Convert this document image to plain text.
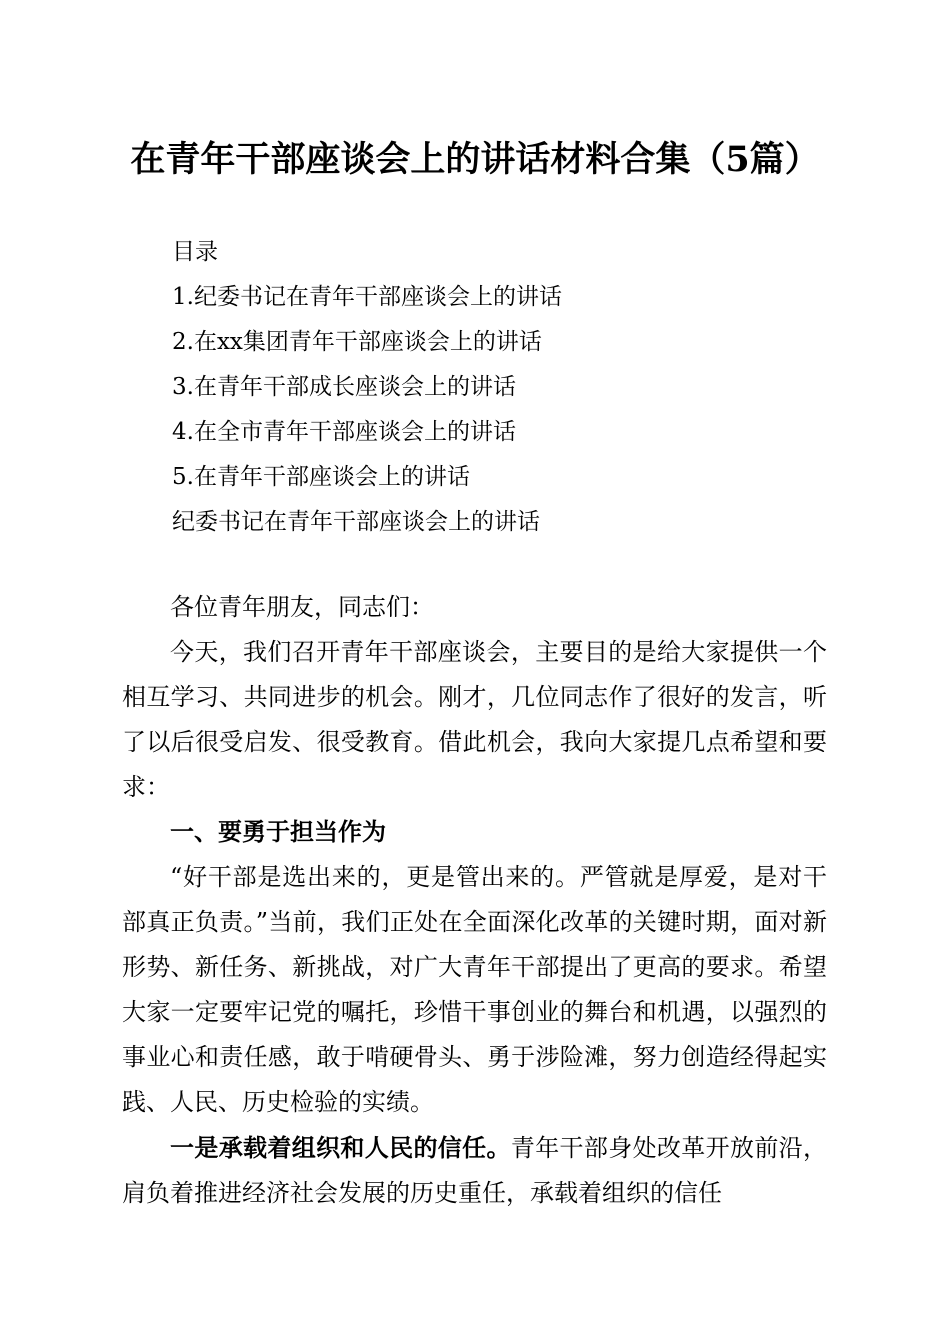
在青年干部座谈会上的讲话材料合集（5篇）
目录
1.纪委书记在青年干部座谈会上的讲话
2.在xx集团青年干部座谈会上的讲话
3.在青年干部成长座谈会上的讲话
4.在全市青年干部座谈会上的讲话
5.在青年干部座谈会上的讲话
纪委书记在青年干部座谈会上的讲话

各位青年朋友，同志们：

今天，我们召开青年干部座谈会，主要目的是给大家提供一个相互学习、共同进步的机会。刚才，几位同志作了很好的发言，听了以后很受启发、很受教育。借此机会，我向大家提几点希望和要求：

一、要勇于担当作为

“好干部是选出来的，更是管出来的。严管就是厚爱，是对干部真正负责。”当前，我们正处在全面深化改革的关键时期，面对新形势、新任务、新挑战，对广大青年干部提出了更高的要求。希望大家一定要牢记党的嘱托，珍惜干事创业的舞台和机遇，以强烈的事业心和责任感，敢于啃硬骨头、勇于涉险滩，努力创造经得起实践、人民、历史检验的实绩。

一是承载着组织和人民的信任。青年干部身处改革开放前沿，肩负着推进经济社会发展的历史重任，承载着组织的信任
